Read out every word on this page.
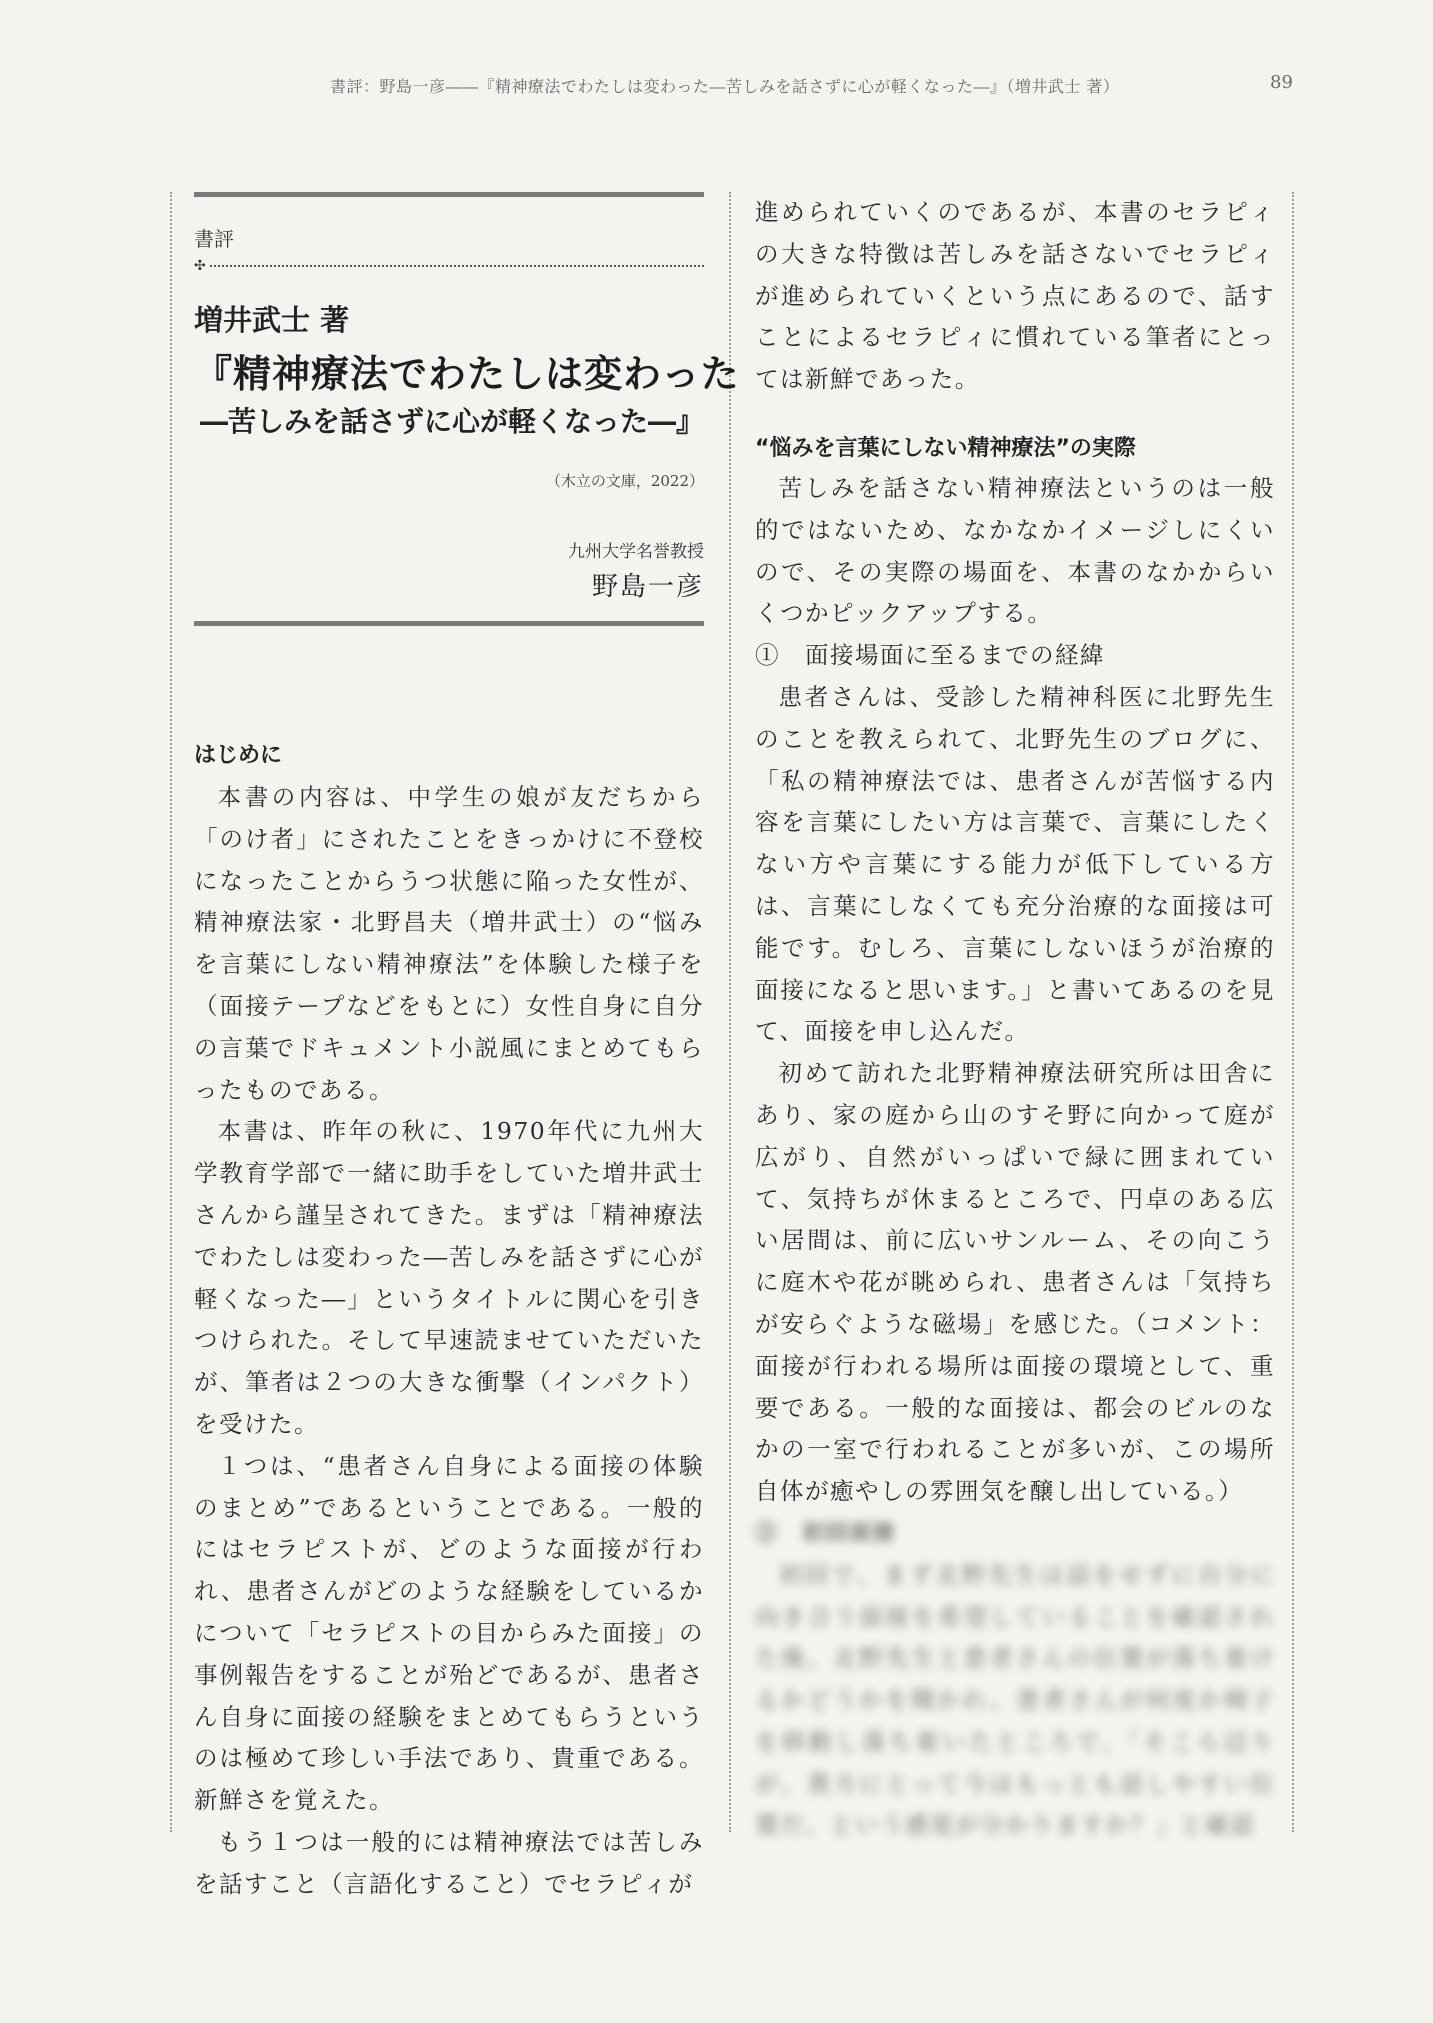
書評：野島一彦――『精神療法でわたしは変わった―苦しみを話さずに心が軽くなった―』（増井武士 著）	89
書評
✣
増井武士 著
『精神療法でわたしは変わった
―苦しみを話さずに心が軽くなった―』
（木立の文庫，2022）
九州大学名誉教授
野島一彦
はじめに

本書の内容は、中学生の娘が友だちから「のけ者」にされたことをきっかけに不登校になったことからうつ状態に陥った女性が、精神療法家・北野昌夫（増井武士）の“悩みを言葉にしない精神療法”を体験した様子を（面接テープなどをもとに）女性自身に自分の言葉でドキュメント小説風にまとめてもらったものである。

本書は、昨年の秋に、1970年代に九州大学教育学部で一緒に助手をしていた増井武士さんから謹呈されてきた。まずは「精神療法でわたしは変わった―苦しみを話さずに心が軽くなった―」というタイトルに関心を引きつけられた。そして早速読ませていただいたが、筆者は２つの大きな衝撃（インパクト）を受けた。

１つは、“患者さん自身による面接の体験のまとめ”であるということである。一般的にはセラピストが、どのような面接が行われ、患者さんがどのような経験をしているかについて「セラピストの目からみた面接」の事例報告をすることが殆どであるが、患者さん自身に面接の経験をまとめてもらうというのは極めて珍しい手法であり、貴重である。新鮮さを覚えた。

もう１つは一般的には精神療法では苦しみを話すこと（言語化すること）でセラピィが

進められていくのであるが、本書のセラピィの大きな特徴は苦しみを話さないでセラピィが進められていくという点にあるので、話すことによるセラピィに慣れている筆者にとっては新鮮であった。

“悩みを言葉にしない精神療法”の実際

苦しみを話さない精神療法というのは一般的ではないため、なかなかイメージしにくいので、その実際の場面を、本書のなかからいくつかピックアップする。

①　面接場面に至るまでの経緯

患者さんは、受診した精神科医に北野先生のことを教えられて、北野先生のブログに、「私の精神療法では、患者さんが苦悩する内容を言葉にしたい方は言葉で、言葉にしたくない方や言葉にする能力が低下している方は、言葉にしなくても充分治療的な面接は可能です。むしろ、言葉にしないほうが治療的面接になると思います。」と書いてあるのを見て、面接を申し込んだ。

初めて訪れた北野精神療法研究所は田舎にあり、家の庭から山のすそ野に向かって庭が広がり、自然がいっぱいで緑に囲まれていて、気持ちが休まるところで、円卓のある広い居間は、前に広いサンルーム、その向こうに庭木や花が眺められ、患者さんは「気持ちが安らぐような磁場」を感じた。（コメント：面接が行われる場所は面接の環境として、重要である。一般的な面接は、都会のビルのなかの一室で行われることが多いが、この場所自体が癒やしの雰囲気を醸し出している。）

②　初回面接

初回で、まず北野先生は話をせずに自分に向き合う面接を希望していることを確認された後、北野先生と患者さんの位置が落ち着けるかどうかを聞かれ、患者さんが何度か椅子を移動し落ち着いたところで、「そこら辺りが、貴方にとって今はもっとも話しやすい位置だ、という感覚が分かりますか？」と確認
